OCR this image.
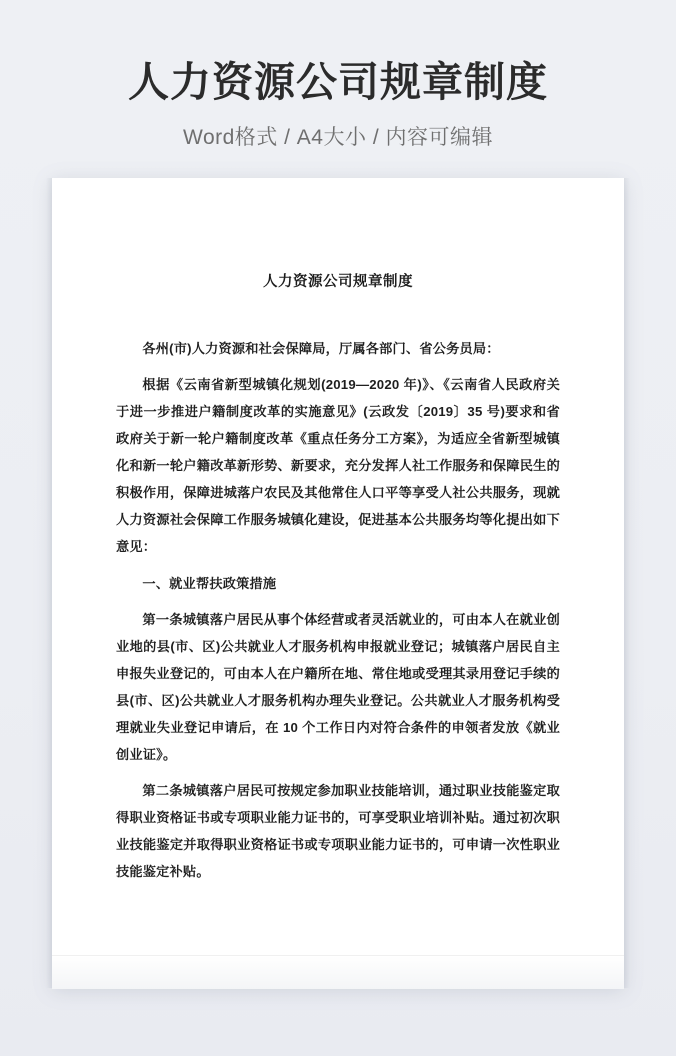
人力资源公司规章制度
Word格式 / A4大小 / 内容可编辑
人力资源公司规章制度

各州(市)人力资源和社会保障局，厅属各部门、省公务员局：

根据《云南省新型城镇化规划(2019—2020 年)》、《云南省人民政府关于进一步推进户籍制度改革的实施意见》(云政发〔2019〕35 号)要求和省政府关于新一轮户籍制度改革《重点任务分工方案》，为适应全省新型城镇化和新一轮户籍改革新形势、新要求，充分发挥人社工作服务和保障民生的积极作用，保障进城落户农民及其他常住人口平等享受人社公共服务，现就人力资源社会保障工作服务城镇化建设，促进基本公共服务均等化提出如下意见：

一、就业帮扶政策措施

第一条城镇落户居民从事个体经营或者灵活就业的，可由本人在就业创业地的县(市、区)公共就业人才服务机构申报就业登记；城镇落户居民自主申报失业登记的，可由本人在户籍所在地、常住地或受理其录用登记手续的县(市、区)公共就业人才服务机构办理失业登记。公共就业人才服务机构受理就业失业登记申请后，在 10 个工作日内对符合条件的申领者发放《就业创业证》。

第二条城镇落户居民可按规定参加职业技能培训，通过职业技能鉴定取得职业资格证书或专项职业能力证书的，可享受职业培训补贴。通过初次职业技能鉴定并取得职业资格证书或专项职业能力证书的，可申请一次性职业技能鉴定补贴。
